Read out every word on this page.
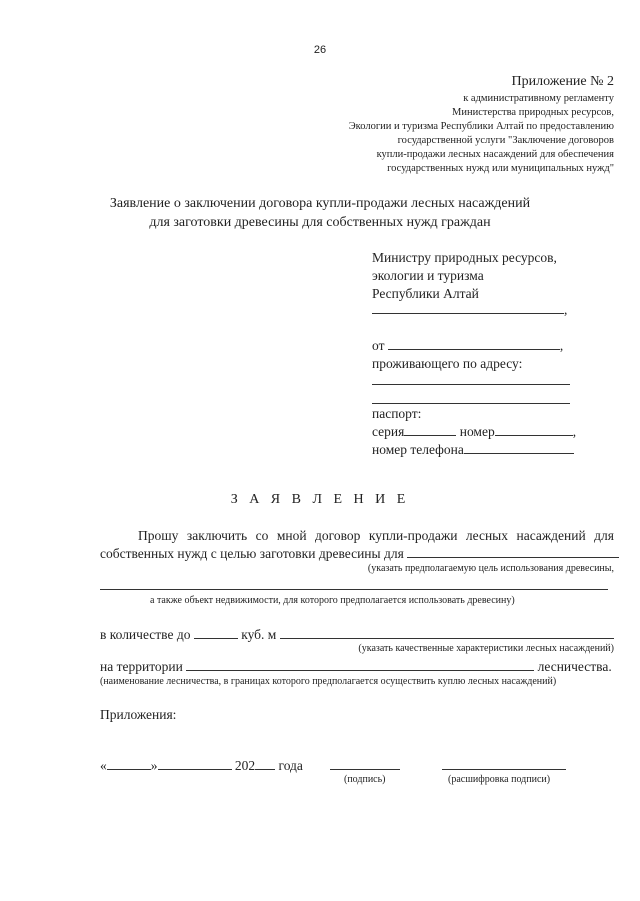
26
Приложение № 2
к административному регламенту
Министерства природных ресурсов,
Экологии и туризма Республики Алтай по предоставлению
государственной услуги "Заключение договоров
купли-продажи лесных насаждений для обеспечения
государственных нужд или муниципальных нужд"
Заявление о заключении договора купли-продажи лесных насаждений
для заготовки древесины для собственных нужд граждан
Министру природных ресурсов,
экологии и туризма
Республики Алтай
,
от	,
проживающего по адресу:
паспорт:
серия	номер	,
номер телефона
З А Я В Л Е Н И Е
Прошу заключить со мной договор купли-продажи лесных насаждений для
собственных нужд с целью заготовки древесины для
(указать предполагаемую цель использования древесины,
а также объект недвижимости, для которого предполагается использовать древесину)
в количестве до	куб. м
(указать качественные характеристики лесных насаждений)
на территории	лесничества.
(наименование лесничества, в границах которого предполагается осуществить куплю лесных насаждений)
Приложения:
«	»	202 года
(подпись)	(расшифровка подписи)
